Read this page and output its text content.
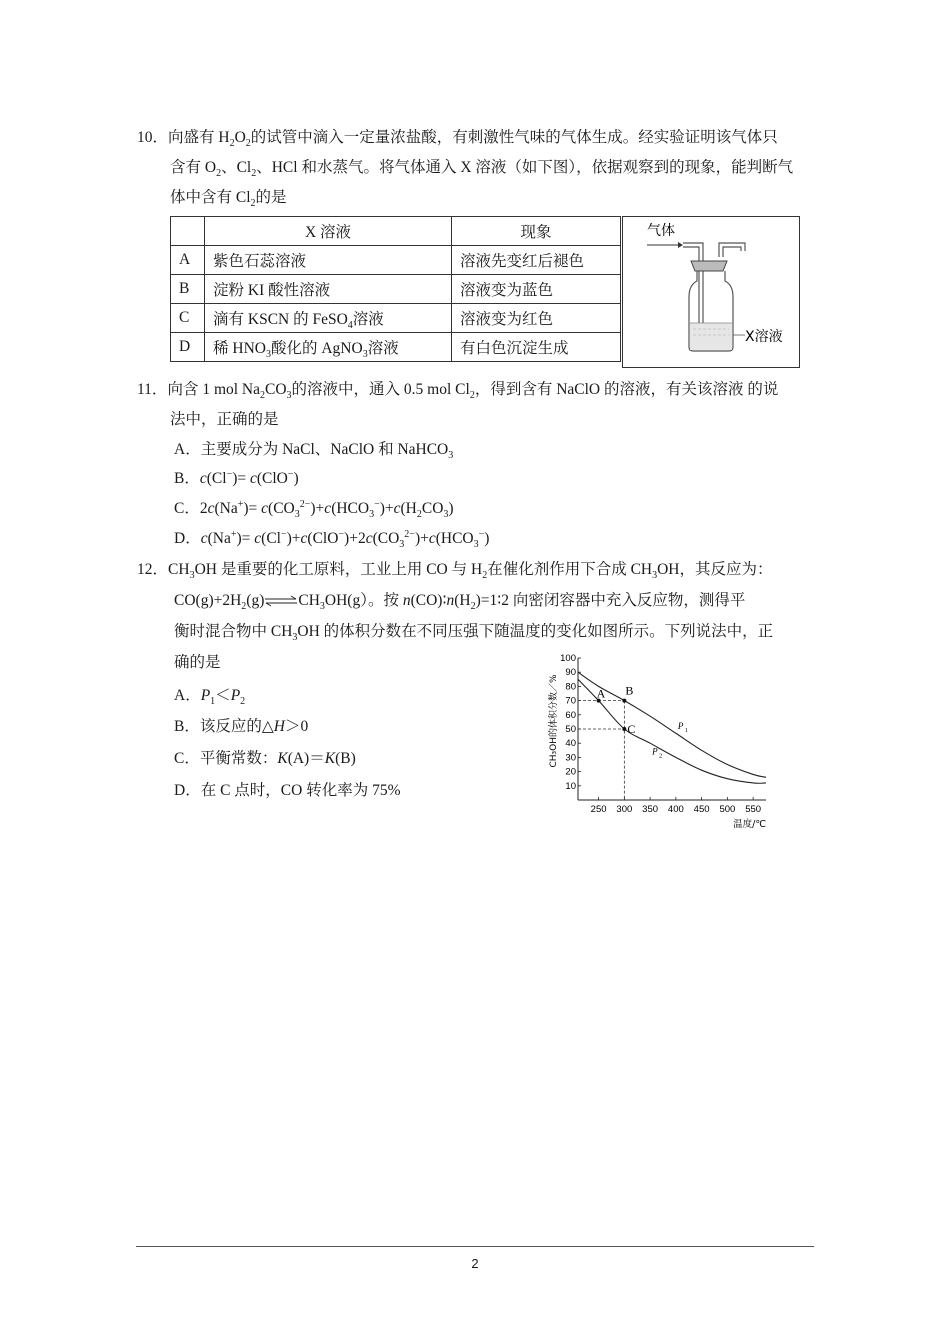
10．向盛有 $H_2O_2$的试管中滴入一定量浓盐酸，有刺激性气味的气体生成。经实验证明该气体只
含有 $O_2$、$Cl_2$、HCl 和水蒸气。将气体通入 X 溶液（如下图），依据观察到的现象，能判断气
体中含有 $Cl_2$的是
	X 溶液	现象
A	紫色石蕊溶液	溶液先变红后褪色
B	淀粉 KI 酸性溶液	溶液变为蓝色
C	滴有 KSCN 的 FeSO$_4$溶液	溶液变为红色
D	稀 $HNO_3$酸化的 AgNO$_3$溶液	有白色沉淀生成
气体
X溶液
11．向含 1 mol $Na_2CO_3$的溶液中，通入 0.5 mol $Cl_2$，得到含有 NaClO 的溶液，有关该溶液 的说
法中，正确的是
A．主要成分为 NaCl、NaClO 和 NaHCO$_3$
B．c(Cl−)= c(ClO−)
C．$2c(Na^+)= c(CO_3^{2-})+c(HCO_3^-)+c(H_2CO_3)$
D．$c(Na^+)= c(Cl^-)+c(ClO^-)+2c(CO_3^{2-})+c(HCO_3^-)$
12．$CH_3OH$ 是重要的化工原料，工业上用 CO 与 $H_2$在催化剂作用下合成 $CH_3OH$，其反应为：
$CO(g)+2H_2(g)\rightleftharpoons CH_3OH(g)$。按 $n(CO)∶n(H_2)=1∶2$ 向密闭容器中充入反应物，测得平
衡时混合物中 $CH_3OH$ 的体积分数在不同压强下随温度的变化如图所示。下列说法中，正
确的是
A．$P_1<P_2$
B．该反应的△H＞0
C．平衡常数：K(A)＝K(B)
D．在 C 点时，CO 转化率为 75%	10
20
30
40
50
60
70
80
90
100
250 300 350 400 450 500 550
CH₃OH的体积分数／%
温度/℃
P 1
P 2
A B
C
2
